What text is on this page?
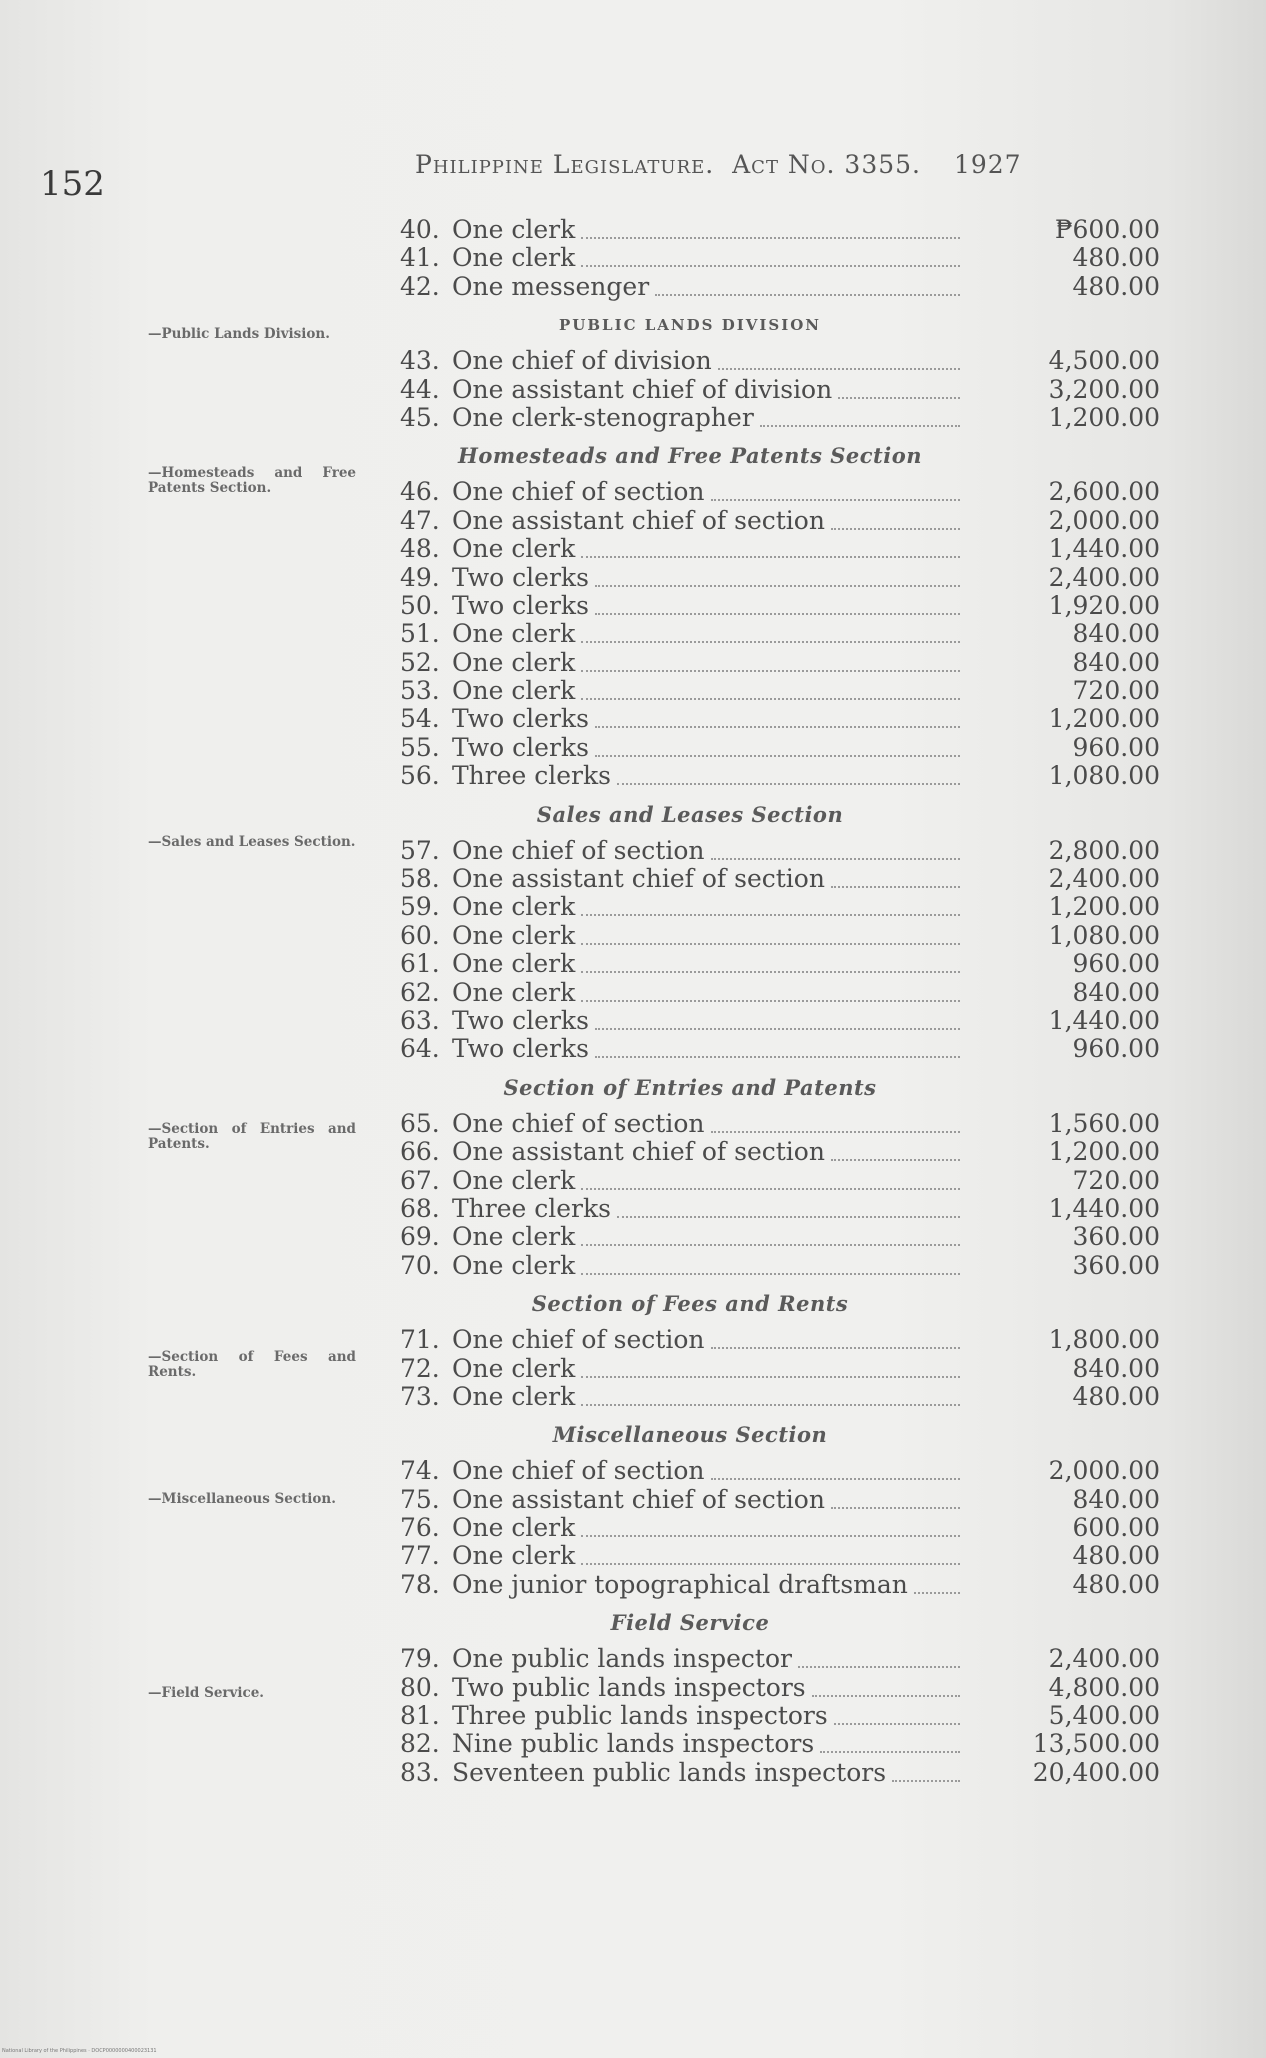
152	Philippine Legislature. Act No. 3355. 1927
—Public Lands Division.
—Homesteads and Free Patents Section.
—Sales and Leases Section.
—Section of Entries and Patents.
—Section of Fees and Rents.
—Miscellaneous Section.
—Field Service.
40. One clerk	₱600.00
41. One clerk	480.00
42. One messenger	480.00
PUBLIC LANDS DIVISION
43. One chief of division	4,500.00
44. One assistant chief of division	3,200.00
45. One clerk-stenographer	1,200.00
Homesteads and Free Patents Section
46. One chief of section	2,600.00
47. One assistant chief of section	2,000.00
48. One clerk	1,440.00
49. Two clerks	2,400.00
50. Two clerks	1,920.00
51. One clerk	840.00
52. One clerk	840.00
53. One clerk	720.00
54. Two clerks	1,200.00
55. Two clerks	960.00
56. Three clerks	1,080.00
Sales and Leases Section
57. One chief of section	2,800.00
58. One assistant chief of section	2,400.00
59. One clerk	1,200.00
60. One clerk	1,080.00
61. One clerk	960.00
62. One clerk	840.00
63. Two clerks	1,440.00
64. Two clerks	960.00
Section of Entries and Patents
65. One chief of section	1,560.00
66. One assistant chief of section	1,200.00
67. One clerk	720.00
68. Three clerks	1,440.00
69. One clerk	360.00
70. One clerk	360.00
Section of Fees and Rents
71. One chief of section	1,800.00
72. One clerk	840.00
73. One clerk	480.00
Miscellaneous Section
74. One chief of section	2,000.00
75. One assistant chief of section	840.00
76. One clerk	600.00
77. One clerk	480.00
78. One junior topographical draftsman	480.00
Field Service
79. One public lands inspector	2,400.00
80. Two public lands inspectors	4,800.00
81. Three public lands inspectors	5,400.00
82. Nine public lands inspectors	13,500.00
83. Seventeen public lands inspectors	20,400.00
National Library of the Philippines · DOCP0000000400023131
